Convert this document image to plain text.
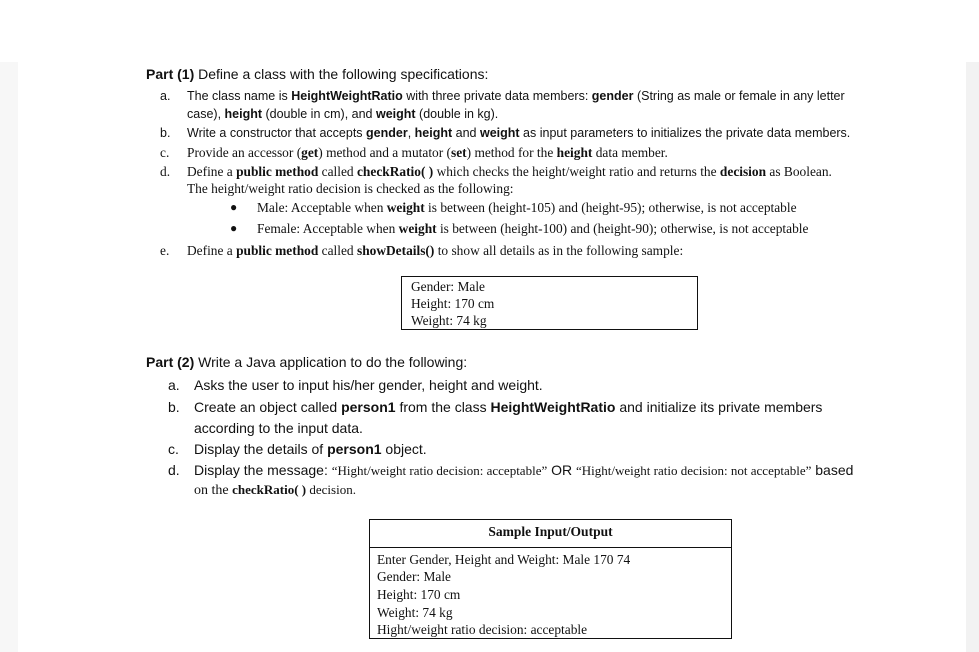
Part (1) Define a class with the following specifications:
a. The class name is HeightWeightRatio with three private data members: gender (String as male or female in any letter
case), height (double in cm), and weight (double in kg).
b. Write a constructor that accepts gender, height and weight as input parameters to initializes the private data members.
c. Provide an accessor (get) method and a mutator (set) method for the height data member.
d. Define a public method called checkRatio( ) which checks the height/weight ratio and returns the decision as Boolean.
The height/weight ratio decision is checked as the following:
● Male: Acceptable when weight is between (height-105) and (height-95); otherwise, is not acceptable
● Female: Acceptable when weight is between (height-100) and (height-90); otherwise, is not acceptable
e. Define a public method called showDetails() to show all details as in the following sample:
Gender: Male
Height: 170 cm
Weight: 74 kg
Part (2) Write a Java application to do the following:
a. Asks the user to input his/her gender, height and weight.
b. Create an object called person1 from the class HeightWeightRatio and initialize its private members
according to the input data.
c. Display the details of person1 object.
d. Display the message: “Hight/weight ratio decision: acceptable” OR “Hight/weight ratio decision: not acceptable” based
on the checkRatio( ) decision.
Sample Input/Output
Enter Gender, Height and Weight: Male 170 74
Gender: Male
Height: 170 cm
Weight: 74 kg
Hight/weight ratio decision: acceptable
